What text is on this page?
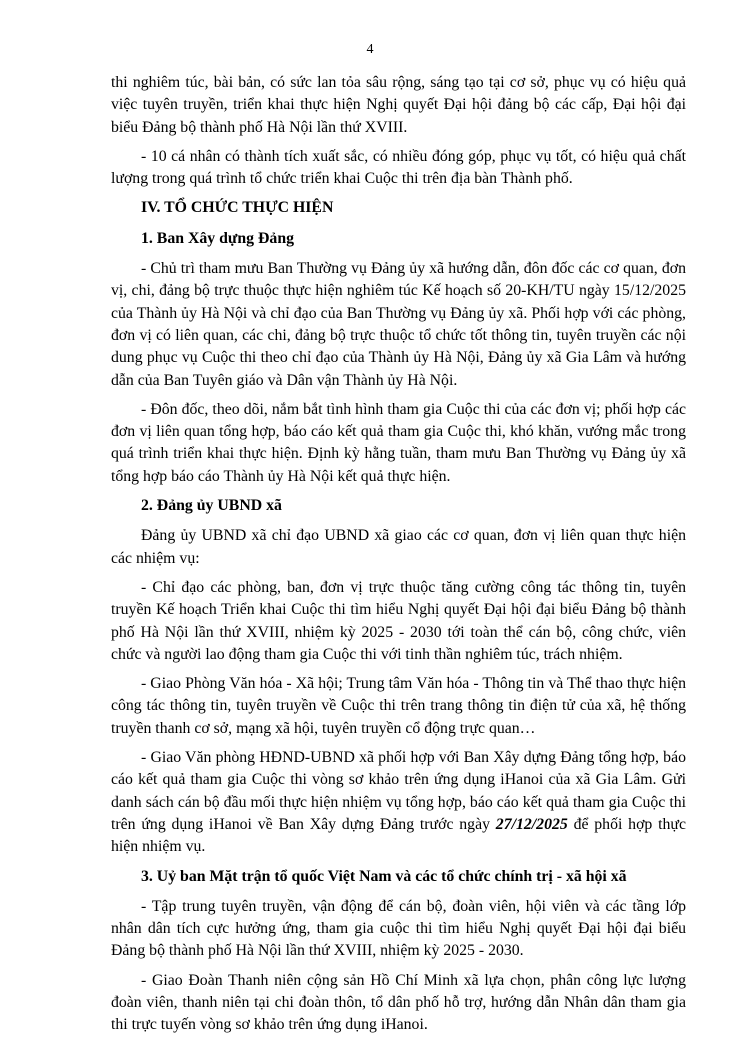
4

thi nghiêm túc, bài bản, có sức lan tỏa sâu rộng, sáng tạo tại cơ sở, phục vụ có hiệu quả việc tuyên truyền, triển khai thực hiện Nghị quyết Đại hội đảng bộ các cấp, Đại hội đại biểu Đảng bộ thành phố Hà Nội lần thứ XVIII.

- 10 cá nhân có thành tích xuất sắc, có nhiều đóng góp, phục vụ tốt, có hiệu quả chất lượng trong quá trình tổ chức triển khai Cuộc thi trên địa bàn Thành phố.

IV. TỔ CHỨC THỰC HIỆN

1. Ban Xây dựng Đảng

- Chủ trì tham mưu Ban Thường vụ Đảng ủy xã hướng dẫn, đôn đốc các cơ quan, đơn vị, chi, đảng bộ trực thuộc thực hiện nghiêm túc Kế hoạch số 20-KH/TU ngày 15/12/2025 của Thành ủy Hà Nội và chỉ đạo của Ban Thường vụ Đảng ủy xã. Phối hợp với các phòng, đơn vị có liên quan, các chi, đảng bộ trực thuộc tổ chức tốt thông tin, tuyên truyền các nội dung phục vụ Cuộc thi theo chỉ đạo của Thành ủy Hà Nội, Đảng ủy xã Gia Lâm và hướng dẫn của Ban Tuyên giáo và Dân vận Thành ủy Hà Nội.

- Đôn đốc, theo dõi, nắm bắt tình hình tham gia Cuộc thi của các đơn vị; phối hợp các đơn vị liên quan tổng hợp, báo cáo kết quả tham gia Cuộc thi, khó khăn, vướng mắc trong quá trình triển khai thực hiện. Định kỳ hằng tuần, tham mưu Ban Thường vụ Đảng ủy xã tổng hợp báo cáo Thành ủy Hà Nội kết quả thực hiện.

2. Đảng ủy UBND xã

Đảng ủy UBND xã chỉ đạo UBND xã giao các cơ quan, đơn vị liên quan thực hiện các nhiệm vụ:

- Chỉ đạo các phòng, ban, đơn vị trực thuộc tăng cường công tác thông tin, tuyên truyền Kế hoạch Triển khai Cuộc thi tìm hiểu Nghị quyết Đại hội đại biểu Đảng bộ thành phố Hà Nội lần thứ XVIII, nhiệm kỳ 2025 - 2030 tới toàn thể cán bộ, công chức, viên chức và người lao động tham gia Cuộc thi với tinh thần nghiêm túc, trách nhiệm.

- Giao Phòng Văn hóa - Xã hội; Trung tâm Văn hóa - Thông tin và Thể thao thực hiện công tác thông tin, tuyên truyền về Cuộc thi trên trang thông tin điện tử của xã, hệ thống truyền thanh cơ sở, mạng xã hội, tuyên truyền cổ động trực quan…

- Giao Văn phòng HĐND-UBND xã phối hợp với Ban Xây dựng Đảng tổng hợp, báo cáo kết quả tham gia Cuộc thi vòng sơ khảo trên ứng dụng iHanoi của xã Gia Lâm. Gửi danh sách cán bộ đầu mối thực hiện nhiệm vụ tổng hợp, báo cáo kết quả tham gia Cuộc thi trên ứng dụng iHanoi về Ban Xây dựng Đảng trước ngày 27/12/2025 để phối hợp thực hiện nhiệm vụ.

3. Uỷ ban Mặt trận tổ quốc Việt Nam và các tổ chức chính trị - xã hội xã

- Tập trung tuyên truyền, vận động để cán bộ, đoàn viên, hội viên và các tầng lớp nhân dân tích cực hưởng ứng, tham gia cuộc thi tìm hiểu Nghị quyết Đại hội đại biểu Đảng bộ thành phố Hà Nội lần thứ XVIII, nhiệm kỳ 2025 - 2030.

- Giao Đoàn Thanh niên cộng sản Hồ Chí Minh xã lựa chọn, phân công lực lượng đoàn viên, thanh niên tại chi đoàn thôn, tổ dân phố hỗ trợ, hướng dẫn Nhân dân tham gia thi trực tuyến vòng sơ khảo trên ứng dụng iHanoi.
